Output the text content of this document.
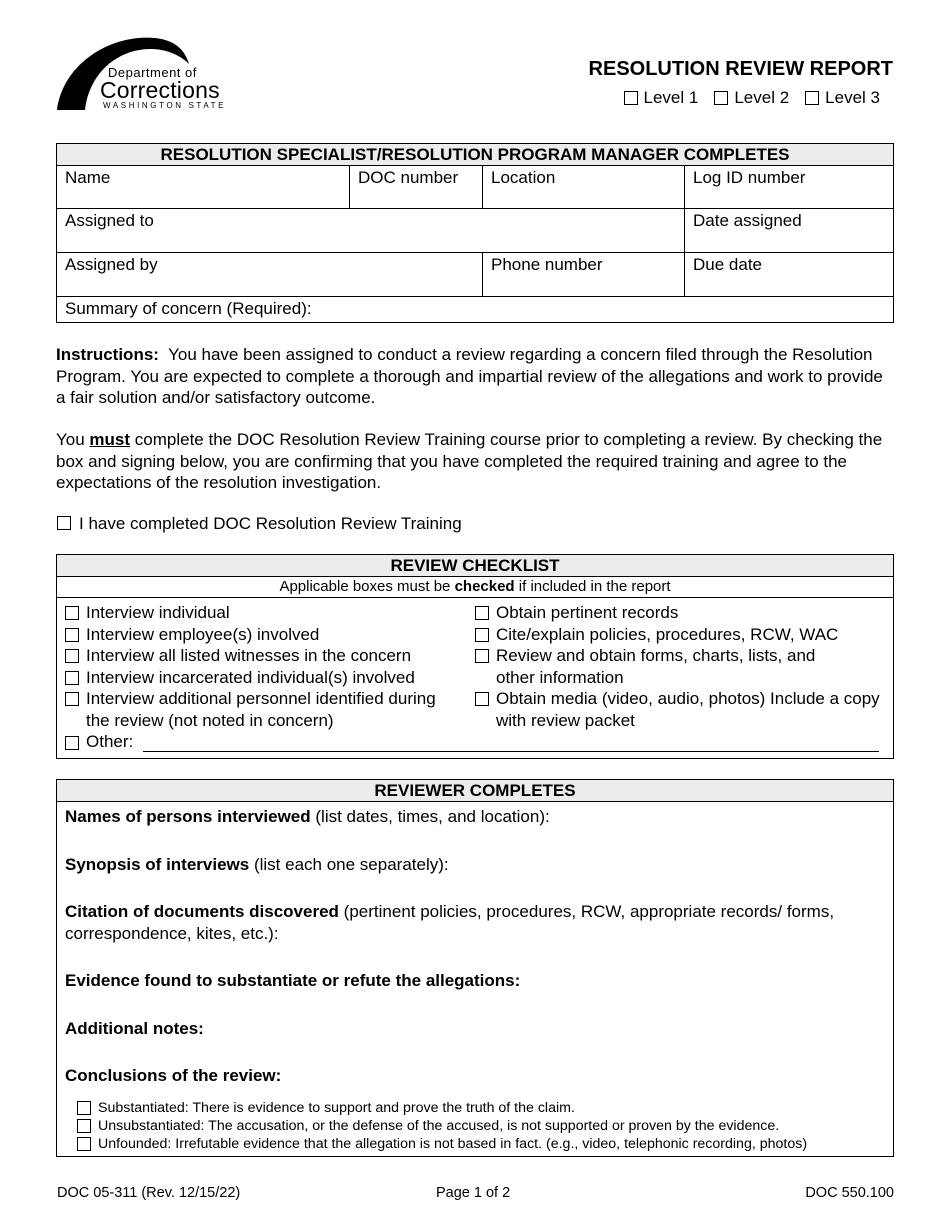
Department of
Corrections
WASHINGTON STATE
RESOLUTION REVIEW REPORT
Level 1 Level 2 Level 3
RESOLUTION SPECIALIST/RESOLUTION PROGRAM MANAGER COMPLETES
Name	DOC number	Location	Log ID number
Assigned to	Date assigned
Assigned by	Phone number	Due date
Summary of concern (Required):
Instructions: You have been assigned to conduct a review regarding a concern filed through the Resolution Program. You are expected to complete a thorough and impartial review of the allegations and work to provide a fair solution and/or satisfactory outcome.
You must complete the DOC Resolution Review Training course prior to completing a review. By checking the box and signing below, you are confirming that you have completed the required training and agree to the expectations of the resolution investigation.
I have completed DOC Resolution Review Training
REVIEW CHECKLIST
Applicable boxes must be checked if included in the report
Interview individual
Interview employee(s) involved
Interview all listed witnesses in the concern
Interview incarcerated individual(s) involved
Interview additional personnel identified during the review (not noted in concern)
Obtain pertinent records
Cite/explain policies, procedures, RCW, WAC
Review and obtain forms, charts, lists, and other information
Obtain media (video, audio, photos) Include a copy with review packet
Other:
REVIEWER COMPLETES
Names of persons interviewed (list dates, times, and location):
Synopsis of interviews (list each one separately):
Citation of documents discovered (pertinent policies, procedures, RCW, appropriate records/ forms, correspondence, kites, etc.):
Evidence found to substantiate or refute the allegations:
Additional notes:
Conclusions of the review:
Substantiated: There is evidence to support and prove the truth of the claim.
Unsubstantiated: The accusation, or the defense of the accused, is not supported or proven by the evidence.
Unfounded: Irrefutable evidence that the allegation is not based in fact. (e.g., video, telephonic recording, photos)
DOC 05-311 (Rev. 12/15/22)	Page 1 of 2	DOC 550.100
